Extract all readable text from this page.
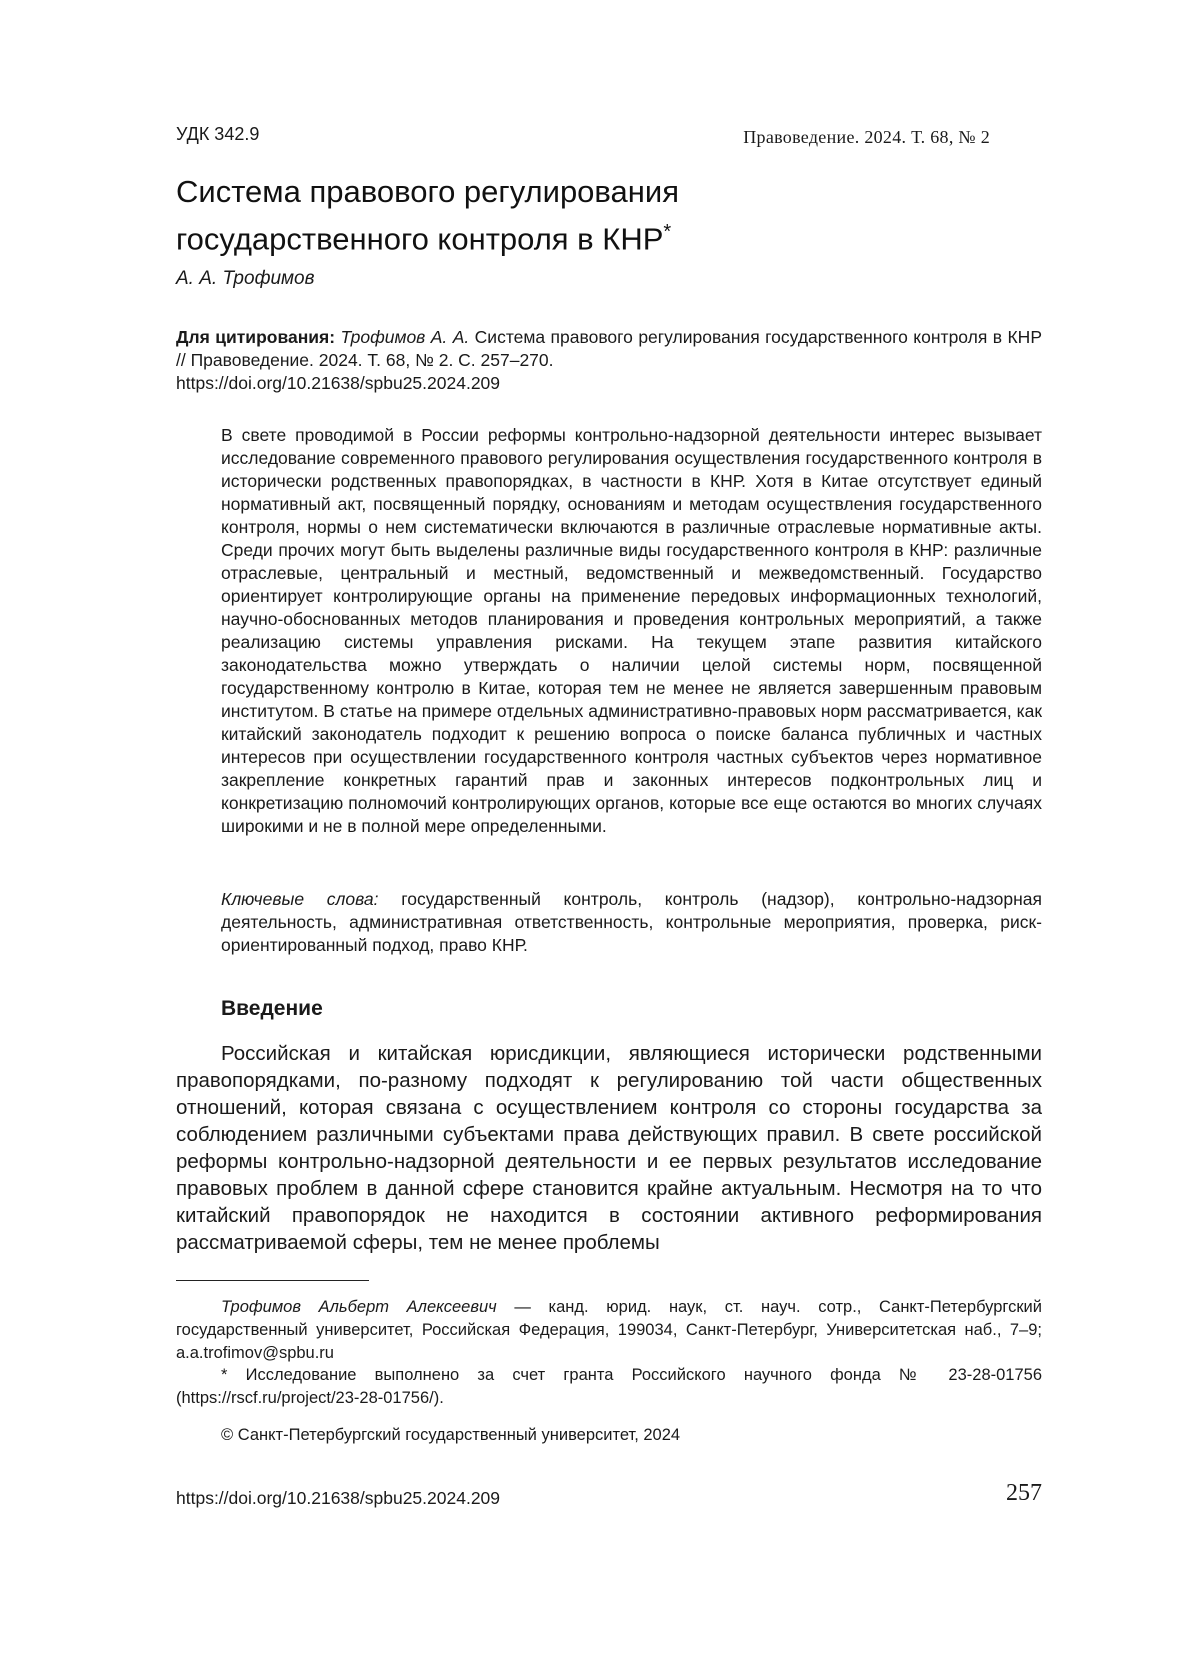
УДК 342.9	Правоведение. 2024. Т. 68, № 2
Система правового регулирования
государственного контроля в КНР*
А. А. Трофимов
Для цитирования: Трофимов А. А. Система правового регулирования государственного контроля в КНР // Правоведение. 2024. Т. 68, № 2. С. 257–270.
https://doi.org/10.21638/spbu25.2024.209
В свете проводимой в России реформы контрольно-надзорной деятельности интерес вызывает исследование современного правового регулирования осуществления государственного контроля в исторически родственных правопорядках, в частности в КНР. Хотя в Китае отсутствует единый нормативный акт, посвященный порядку, основаниям и методам осуществления государственного контроля, нормы о нем систематически включаются в различные отраслевые нормативные акты. Среди прочих могут быть выделены различные виды государственного контроля в КНР: различные отраслевые, центральный и местный, ведомственный и межведомственный. Государство ориентирует контролирующие органы на применение передовых информационных технологий, научно-обоснованных методов планирования и проведения контрольных мероприятий, а также реализацию системы управления рисками. На текущем этапе развития китайского законодательства можно утверждать о наличии целой системы норм, посвященной государственному контролю в Китае, которая тем не менее не является завершенным правовым институтом. В статье на примере отдельных административно-правовых норм рассматривается, как китайский законодатель подходит к решению вопроса о поиске баланса публичных и частных интересов при осуществлении государственного контроля частных субъектов через нормативное закрепление конкретных гарантий прав и законных интересов подконтрольных лиц и конкретизацию полномочий контролирующих органов, которые все еще остаются во многих случаях широкими и не в полной мере определенными.
Ключевые слова: государственный контроль, контроль (надзор), контрольно-надзорная деятельность, административная ответственность, контрольные мероприятия, проверка, риск-ориентированный подход, право КНР.
Введение
Российская и китайская юрисдикции, являющиеся исторически родственными правопорядками, по-разному подходят к регулированию той части общественных отношений, которая связана с осуществлением контроля со стороны государства за соблюдением различными субъектами права действующих правил. В свете российской реформы контрольно-надзорной деятельности и ее первых результатов исследование правовых проблем в данной сфере становится крайне актуальным. Несмотря на то что китайский правопорядок не находится в состоянии активного реформирования рассматриваемой сферы, тем не менее проблемы
Трофимов Альберт Алексеевич — канд. юрид. наук, ст. науч. сотр., Санкт-Петербургский государственный университет, Российская Федерация, 199034, Санкт-Петербург, Университетская наб., 7–9; a.a.trofimov@spbu.ru
* Исследование выполнено за счет гранта Российского научного фонда № 23-28-01756 (https://rscf.ru/project/23-28-01756/).
© Санкт-Петербургский государственный университет, 2024
https://doi.org/10.21638/spbu25.2024.209	257
